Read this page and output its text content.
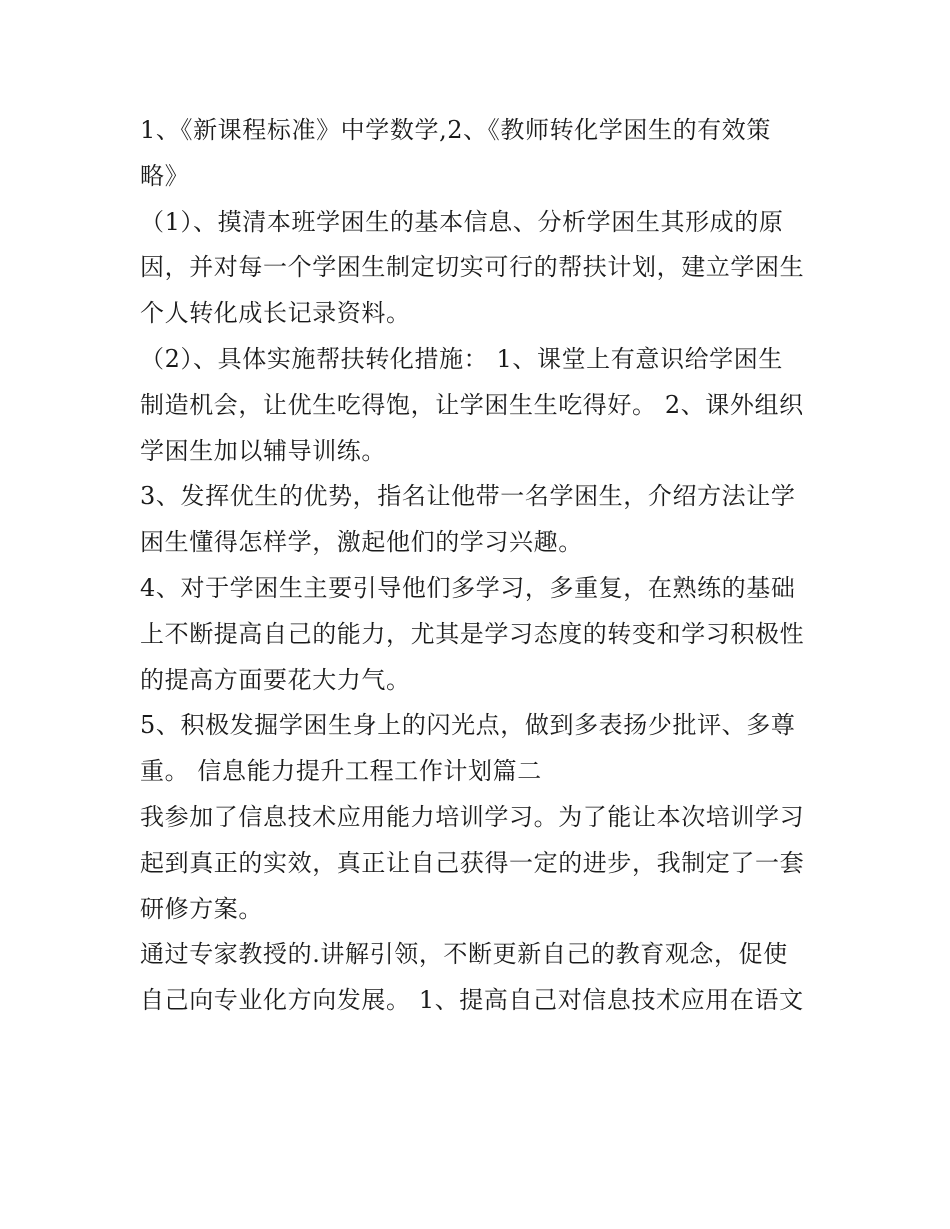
1、《新课程标准》中学数学,2、《教师转化学困生的有效策
略》

（1）、摸清本班学困生的基本信息、分析学困生其形成的原
因，并对每一个学困生制定切实可行的帮扶计划，建立学困生
个人转化成长记录资料。

（2）、具体实施帮扶转化措施： 1、课堂上有意识给学困生
制造机会，让优生吃得饱，让学困生生吃得好。 2、课外组织
学困生加以辅导训练。

3、发挥优生的优势，指名让他带一名学困生，介绍方法让学
困生懂得怎样学，激起他们的学习兴趣。

4、对于学困生主要引导他们多学习，多重复，在熟练的基础
上不断提高自己的能力，尤其是学习态度的转变和学习积极性
的提高方面要花大力气。

5、积极发掘学困生身上的闪光点，做到多表扬少批评、多尊
重。 信息能力提升工程工作计划篇二

我参加了信息技术应用能力培训学习。为了能让本次培训学习
起到真正的实效，真正让自己获得一定的进步，我制定了一套
研修方案。

通过专家教授的.讲解引领，不断更新自己的教育观念，促使
自己向专业化方向发展。 1、提高自己对信息技术应用在语文
